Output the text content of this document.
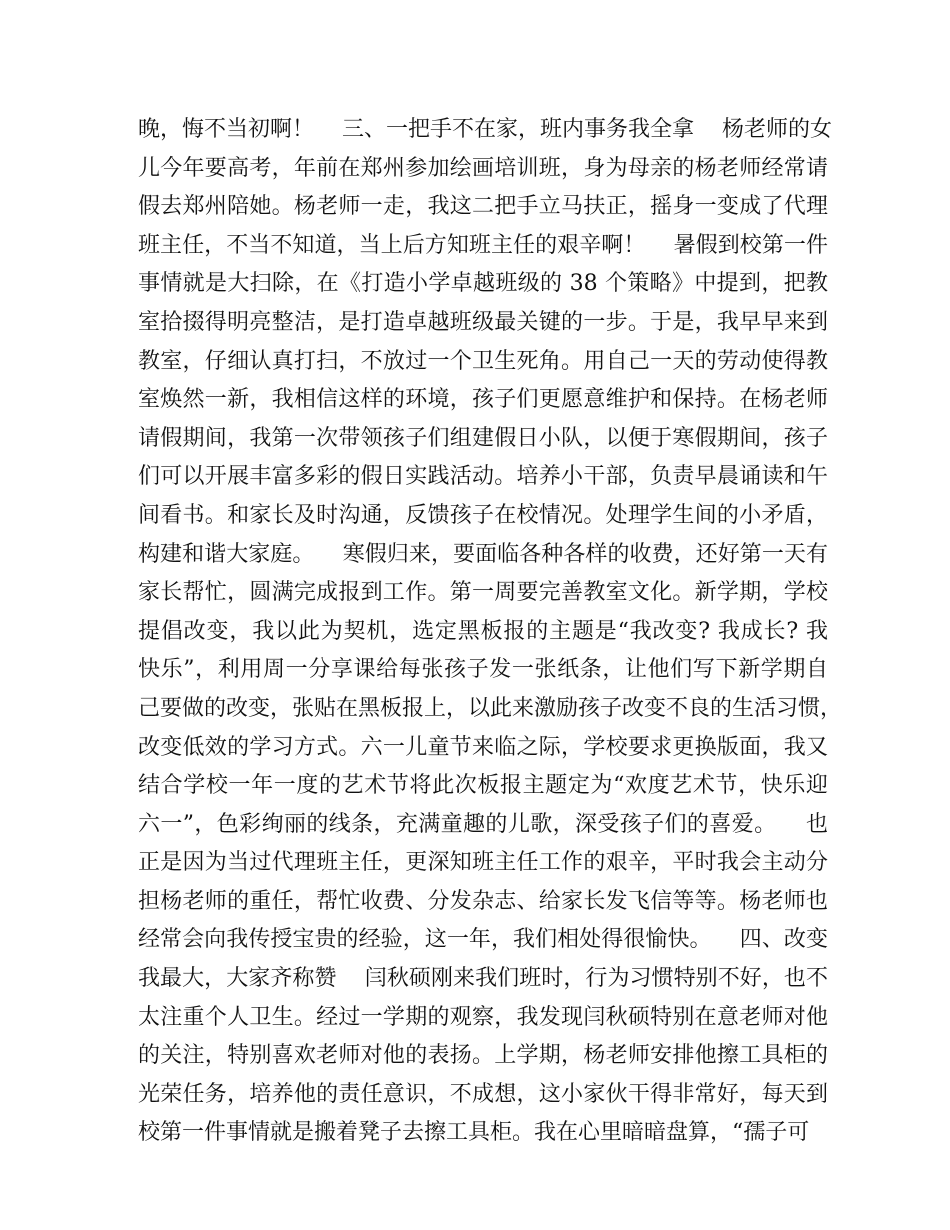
晚，悔不当初啊！    三、一把手不在家，班内事务我全拿    杨老师的女
儿今年要高考，年前在郑州参加绘画培训班，身为母亲的杨老师经常请
假去郑州陪她。杨老师一走，我这二把手立马扶正，摇身一变成了代理
班主任，不当不知道，当上后方知班主任的艰辛啊！    暑假到校第一件
事情就是大扫除，在《打造小学卓越班级的 38 个策略》中提到，把教
室拾掇得明亮整洁，是打造卓越班级最关键的一步。于是，我早早来到
教室，仔细认真打扫，不放过一个卫生死角。用自己一天的劳动使得教
室焕然一新，我相信这样的环境，孩子们更愿意维护和保持。在杨老师
请假期间，我第一次带领孩子们组建假日小队，以便于寒假期间，孩子
们可以开展丰富多彩的假日实践活动。培养小干部，负责早晨诵读和午
间看书。和家长及时沟通，反馈孩子在校情况。处理学生间的小矛盾，
构建和谐大家庭。    寒假归来，要面临各种各样的收费，还好第一天有
家长帮忙，圆满完成报到工作。第一周要完善教室文化。新学期，学校
提倡改变，我以此为契机，选定黑板报的主题是“我改变? 我成长? 我
快乐”，利用周一分享课给每张孩子发一张纸条，让他们写下新学期自
己要做的改变，张贴在黑板报上，以此来激励孩子改变不良的生活习惯，
改变低效的学习方式。六一儿童节来临之际，学校要求更换版面，我又
结合学校一年一度的艺术节将此次板报主题定为“欢度艺术节，快乐迎
六一”，色彩绚丽的线条，充满童趣的儿歌，深受孩子们的喜爱。    也
正是因为当过代理班主任，更深知班主任工作的艰辛，平时我会主动分
担杨老师的重任，帮忙收费、分发杂志、给家长发飞信等等。杨老师也
经常会向我传授宝贵的经验，这一年，我们相处得很愉快。    四、改变
我最大，大家齐称赞    闫秋硕刚来我们班时，行为习惯特别不好，也不
太注重个人卫生。经过一学期的观察，我发现闫秋硕特别在意老师对他
的关注，特别喜欢老师对他的表扬。上学期，杨老师安排他擦工具柜的
光荣任务，培养他的责任意识，不成想，这小家伙干得非常好，每天到
校第一件事情就是搬着凳子去擦工具柜。我在心里暗暗盘算，“孺子可
